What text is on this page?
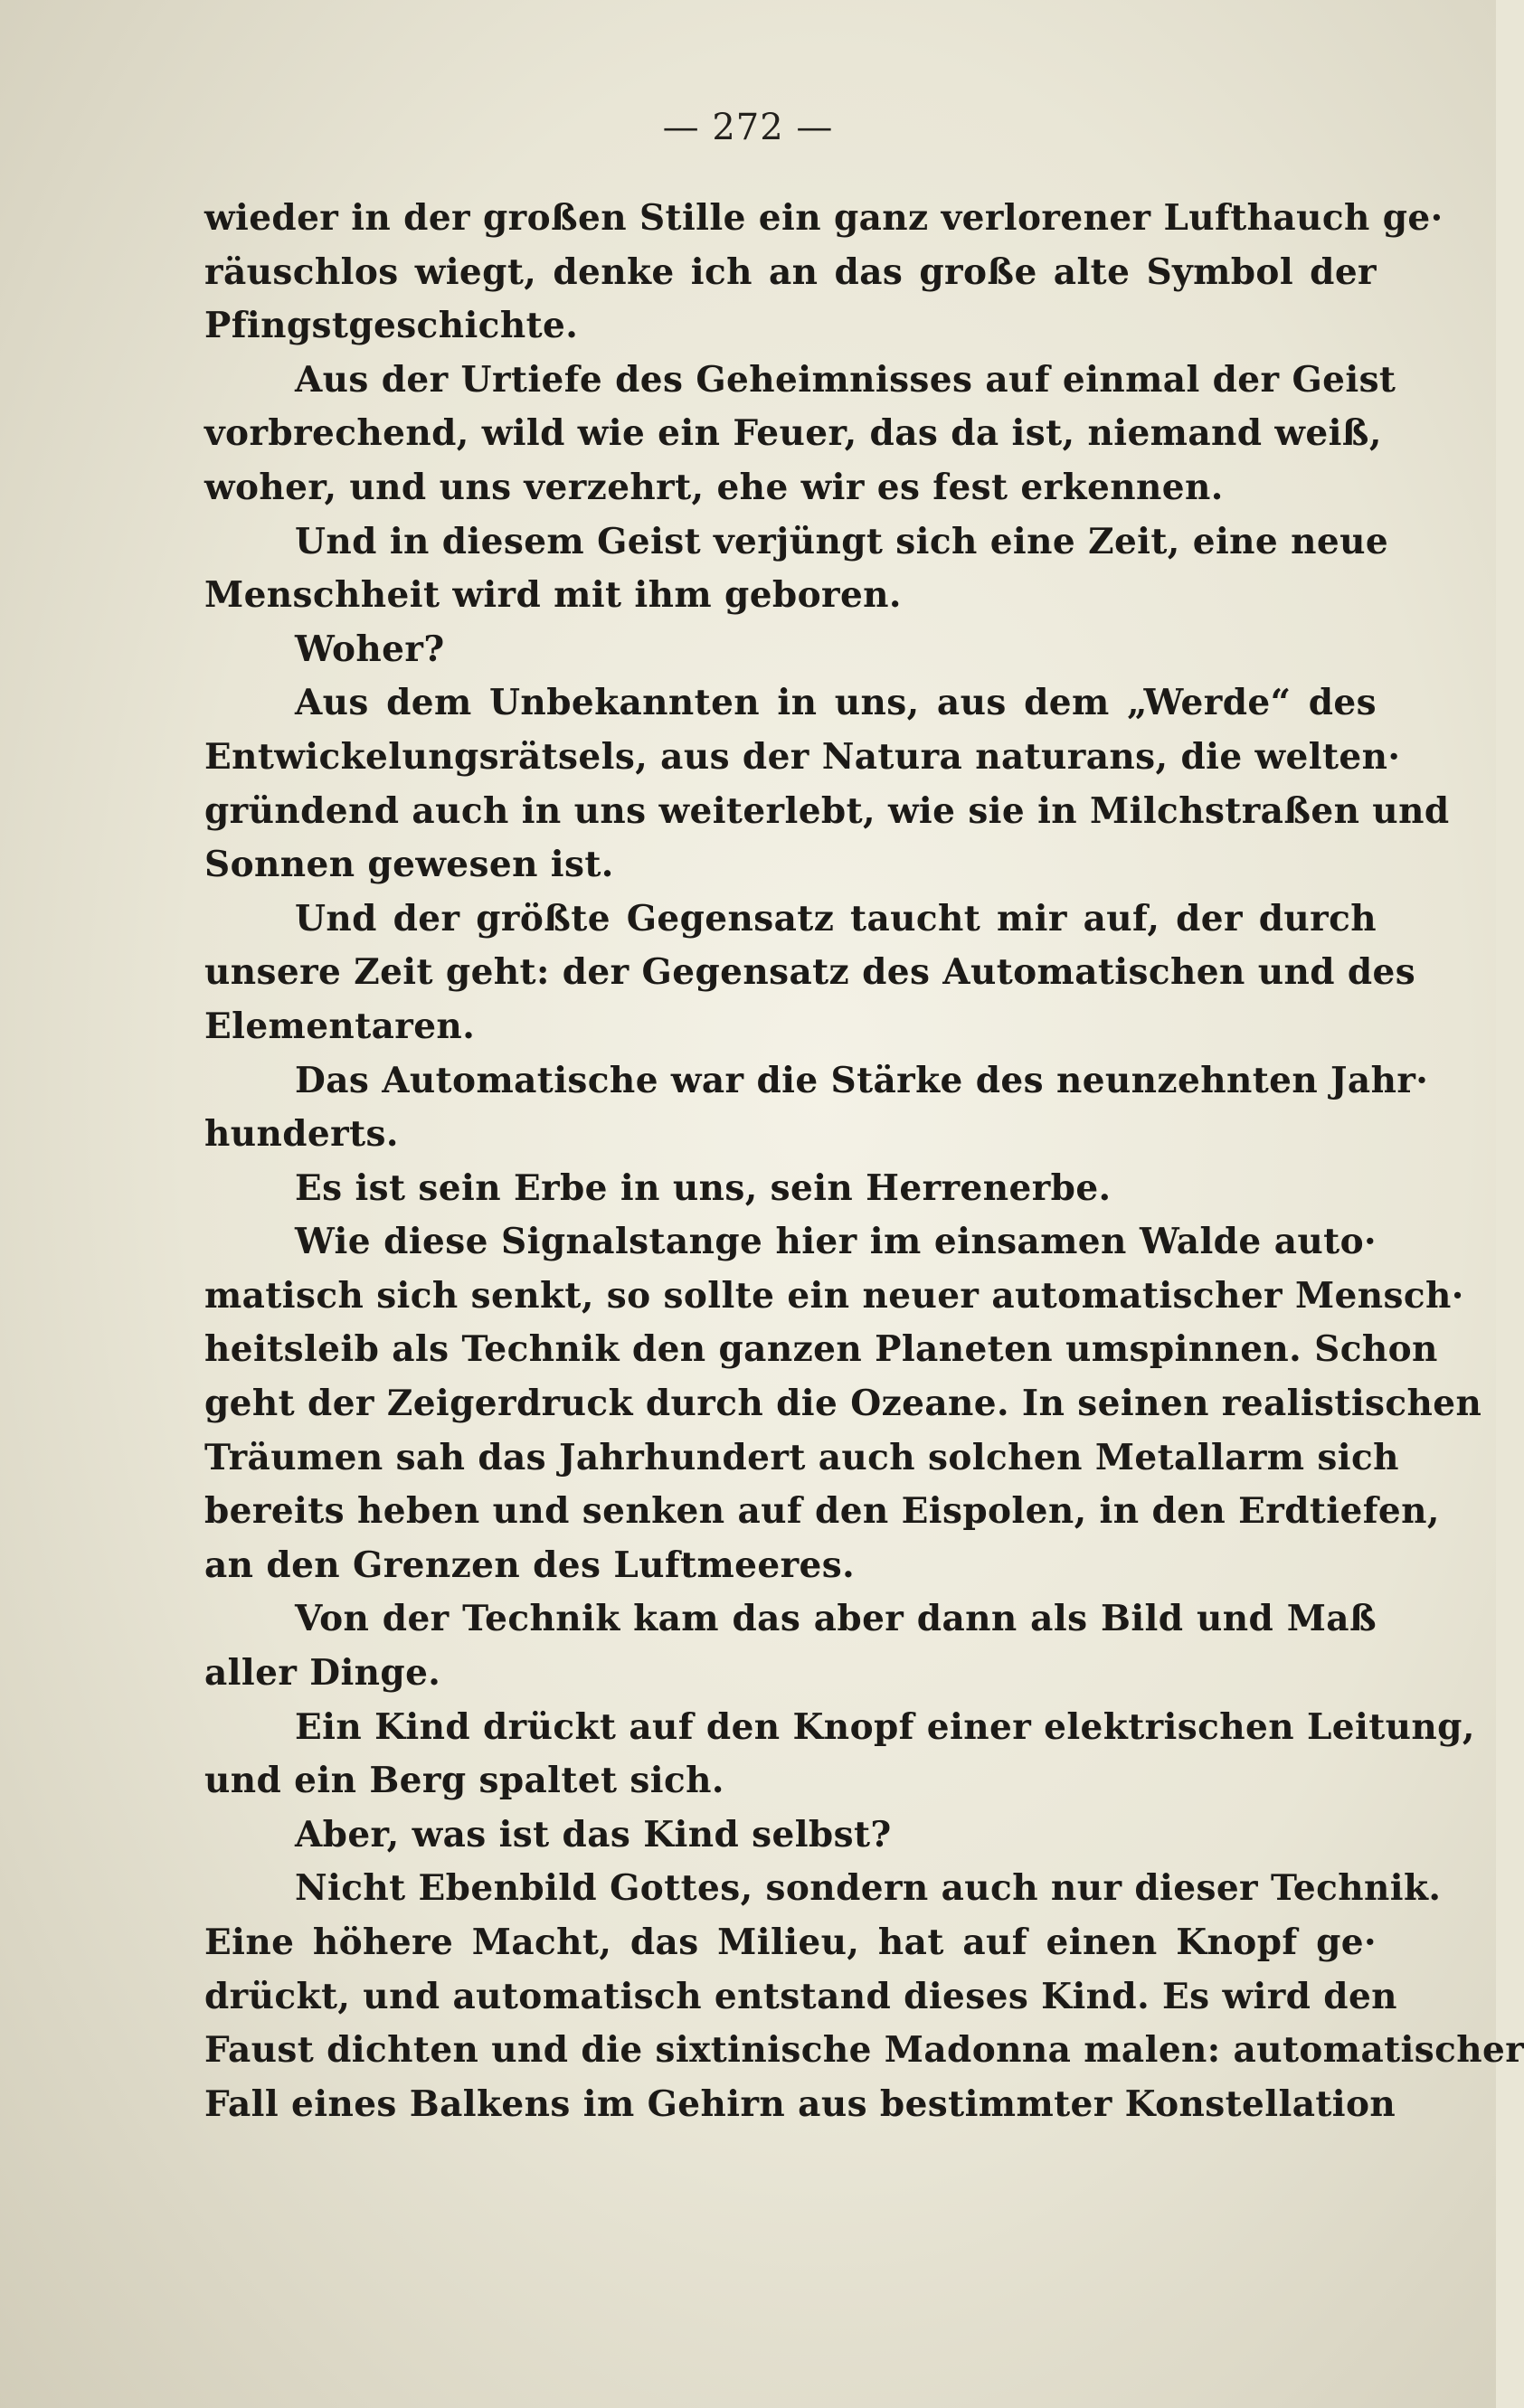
— 272 —
wieder in der großen Stille ein ganz verlorener Lufthauch ge·
räuschlos wiegt, denke ich an das große alte Symbol der
Pfingstgeschichte.
Aus der Urtiefe des Geheimnisses auf einmal der Geist
vorbrechend, wild wie ein Feuer, das da ist, niemand weiß,
woher, und uns verzehrt, ehe wir es fest erkennen.
Und in diesem Geist verjüngt sich eine Zeit, eine neue
Menschheit wird mit ihm geboren.
Woher?
Aus dem Unbekannten in uns, aus dem „Werde“ des
Entwickelungsrätsels, aus der Natura naturans, die welten·
gründend auch in uns weiterlebt, wie sie in Milchstraßen und
Sonnen gewesen ist.
Und der größte Gegensatz taucht mir auf, der durch
unsere Zeit geht: der Gegensatz des Automatischen und des
Elementaren.
Das Automatische war die Stärke des neunzehnten Jahr·
hunderts.
Es ist sein Erbe in uns, sein Herrenerbe.
Wie diese Signalstange hier im einsamen Walde auto·
matisch sich senkt, so sollte ein neuer automatischer Mensch·
heitsleib als Technik den ganzen Planeten umspinnen. Schon
geht der Zeigerdruck durch die Ozeane. In seinen realistischen
Träumen sah das Jahrhundert auch solchen Metallarm sich
bereits heben und senken auf den Eispolen, in den Erdtiefen,
an den Grenzen des Luftmeeres.
Von der Technik kam das aber dann als Bild und Maß
aller Dinge.
Ein Kind drückt auf den Knopf einer elektrischen Leitung,
und ein Berg spaltet sich.
Aber, was ist das Kind selbst?
Nicht Ebenbild Gottes, sondern auch nur dieser Technik.
Eine höhere Macht, das Milieu, hat auf einen Knopf ge·
drückt, und automatisch entstand dieses Kind. Es wird den
Faust dichten und die sixtinische Madonna malen: automatischer
Fall eines Balkens im Gehirn aus bestimmter Konstellation
